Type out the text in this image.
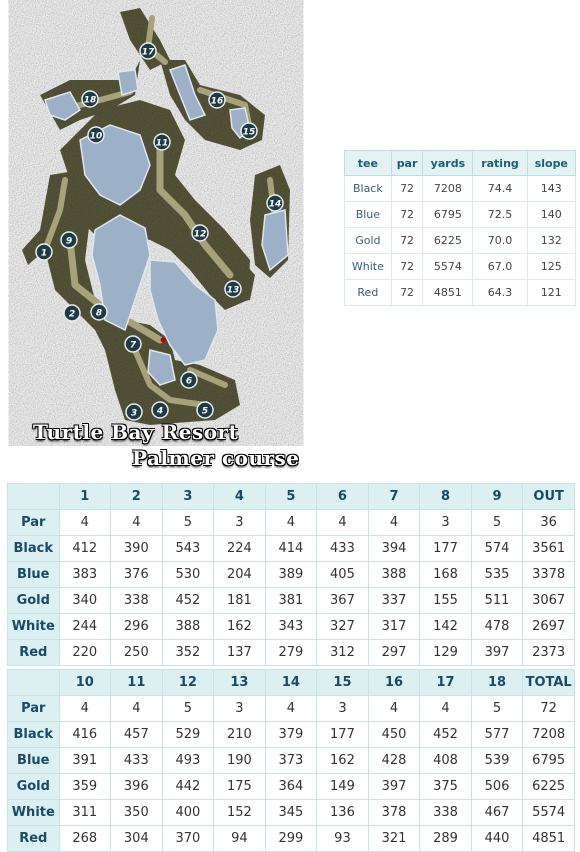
1
2
3 4	5
6
7
8
9
10
11
12
13
14
15
16
17
18
Turtle Bay Resort
Palmer course
tee	par	yards	rating	slope
Black	72	7208	74.4	143
Blue	72	6795	72.5	140
Gold	72	6225	70.0	132
White	72	5574	67.0	125
Red	72	4851	64.3	121
	1	2	3	4	5	6	7	8	9	OUT
Par	4	4	5	3	4	4	4	3	5	36
Black	412	390	543	224	414	433	394	177	574	3561
Blue	383	376	530	204	389	405	388	168	535	3378
Gold	340	338	452	181	381	367	337	155	511	3067
White	244	296	388	162	343	327	317	142	478	2697
Red	220	250	352	137	279	312	297	129	397	2373
	10	11	12	13	14	15	16	17	18	TOTAL
Par	4	4	5	3	4	3	4	4	5	72
Black	416	457	529	210	379	177	450	452	577	7208
Blue	391	433	493	190	373	162	428	408	539	6795
Gold	359	396	442	175	364	149	397	375	506	6225
White	311	350	400	152	345	136	378	338	467	5574
Red	268	304	370	94	299	93	321	289	440	4851
